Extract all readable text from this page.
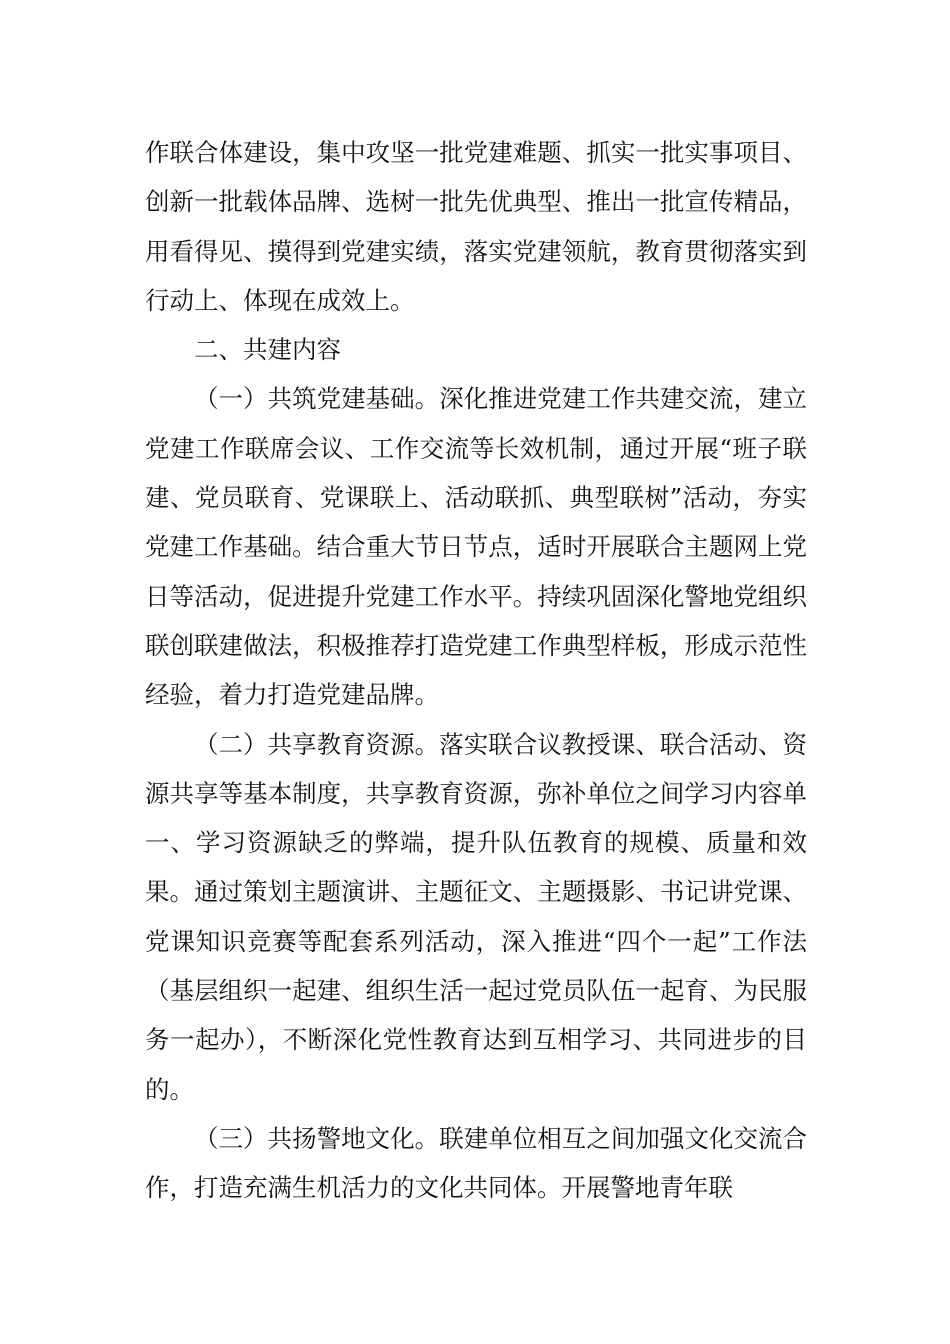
作联合体建设，集中攻坚一批党建难题、抓实一批实事项目、创新一批载体品牌、选树一批先优典型、推出一批宣传精品，用看得见、摸得到党建实绩，落实党建领航，教育贯彻落实到行动上、体现在成效上。

二、共建内容

（一）共筑党建基础。深化推进党建工作共建交流，建立党建工作联席会议、工作交流等长效机制，通过开展“班子联建、党员联育、党课联上、活动联抓、典型联树”活动，夯实党建工作基础。结合重大节日节点，适时开展联合主题网上党日等活动，促进提升党建工作水平。持续巩固深化警地党组织联创联建做法，积极推荐打造党建工作典型样板，形成示范性经验，着力打造党建品牌。

（二）共享教育资源。落实联合议教授课、联合活动、资源共享等基本制度，共享教育资源，弥补单位之间学习内容单一、学习资源缺乏的弊端，提升队伍教育的规模、质量和效果。通过策划主题演讲、主题征文、主题摄影、书记讲党课、党课知识竞赛等配套系列活动，深入推进“四个一起”工作法（基层组织一起建、组织生活一起过党员队伍一起育、为民服务一起办），不断深化党性教育达到互相学习、共同进步的目的。

（三）共扬警地文化。联建单位相互之间加强文化交流合作，打造充满生机活力的文化共同体。开展警地青年联
